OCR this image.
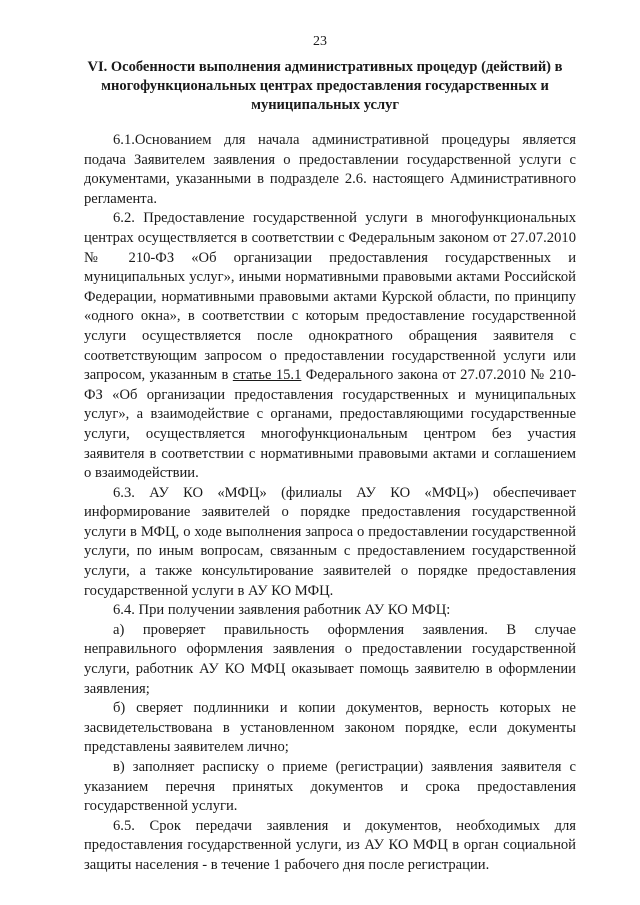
23
VI. Особенности выполнения административных процедур (действий) в многофункциональных центрах предоставления государственных и муниципальных услуг

6.1.Основанием для начала административной процедуры является подача Заявителем заявления о предоставлении государственной услуги с документами, указанными в подразделе 2.6. настоящего Административного регламента.

6.2. Предоставление государственной услуги в многофункциональных центрах осуществляется в соответствии с Федеральным законом от 27.07.2010 № 210-ФЗ «Об организации предоставления государственных и муниципальных услуг», иными нормативными правовыми актами Российской Федерации, нормативными правовыми актами Курской области, по принципу «одного окна», в соответствии с которым предоставление государственной услуги осуществляется после однократного обращения заявителя с соответствующим запросом о предоставлении государственной услуги или запросом, указанным в статье 15.1 Федерального закона от 27.07.2010 № 210-ФЗ «Об организации предоставления государственных и муниципальных услуг», а взаимодействие с органами, предоставляющими государственные услуги, осуществляется многофункциональным центром без участия заявителя в соответствии с нормативными правовыми актами и соглашением о взаимодействии.

6.3. АУ КО «МФЦ» (филиалы АУ КО «МФЦ») обеспечивает информирование заявителей о порядке предоставления государственной услуги в МФЦ, о ходе выполнения запроса о предоставлении государственной услуги, по иным вопросам, связанным с предоставлением государственной услуги, а также консультирование заявителей о порядке предоставления государственной услуги в АУ КО МФЦ.

6.4. При получении заявления работник АУ КО МФЦ:

а) проверяет правильность оформления заявления. В случае неправильного оформления заявления о предоставлении государственной услуги, работник АУ КО МФЦ оказывает помощь заявителю в оформлении заявления;

б) сверяет подлинники и копии документов, верность которых не засвидетельствована в установленном законом порядке, если документы представлены заявителем лично;

в) заполняет расписку о приеме (регистрации) заявления заявителя с указанием перечня принятых документов и срока предоставления государственной услуги.

6.5. Срок передачи заявления и документов, необходимых для предоставления государственной услуги, из АУ КО МФЦ в орган социальной защиты населения - в течение 1 рабочего дня после регистрации.
